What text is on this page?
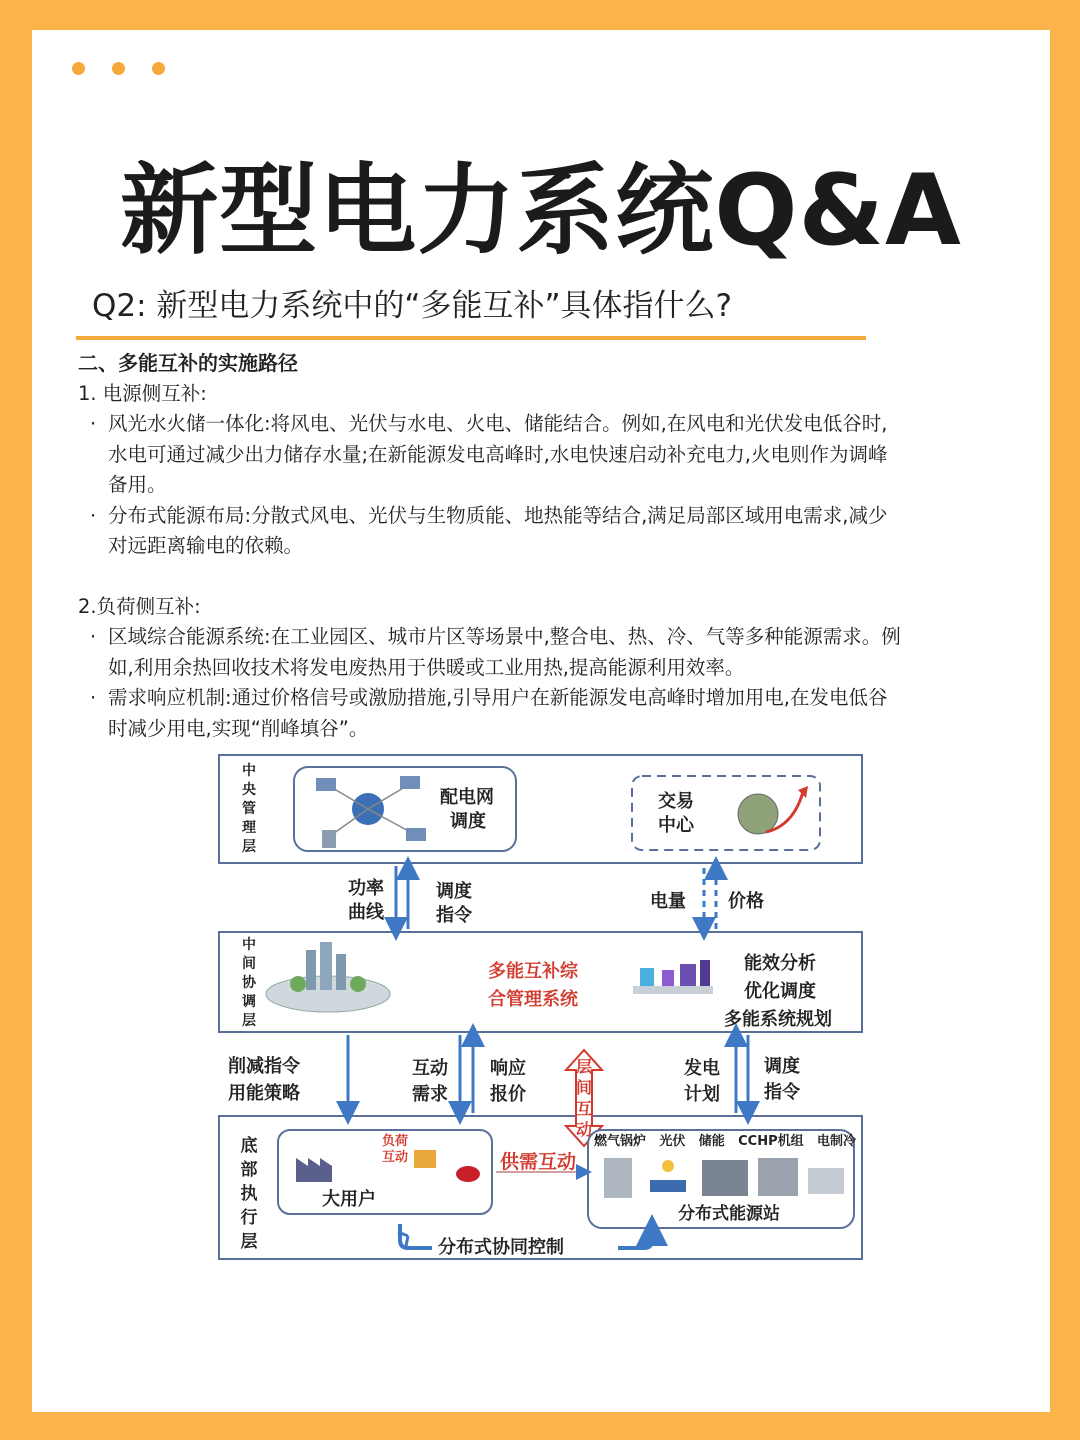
新型电力系统Q&A
Q2: 新型电力系统中的“多能互补”具体指什么?
二、多能互补的实施路径
1. 电源侧互补:
· 风光水火储一体化:将风电、光伏与水电、火电、储能结合。例如,在风电和光伏发电低谷时,
水电可通过减少出力储存水量;在新能源发电高峰时,水电快速启动补充电力,火电则作为调峰
备用。
· 分布式能源布局:分散式风电、光伏与生物质能、地热能等结合,满足局部区域用电需求,减少
对远距离输电的依赖。
2.负荷侧互补:
· 区域综合能源系统:在工业园区、城市片区等场景中,整合电、热、冷、气等多种能源需求。例
如,利用余热回收技术将发电废热用于供暖或工业用热,提高能源利用效率。
· 需求响应机制:通过价格信号或激励措施,引导用户在新能源发电高峰时增加用电,在发电低谷
时减少用电,实现“削峰填谷”。
中央管理层
中间协调层
底部执行层
配电网
调度
交易
中心
功率
曲线
调度
指令
电量 价格
多能互补综
合管理系统
能效分析
优化调度
多能系统规划
削减指令
用能策略
互动
需求
响应
报价
层间互动
发电
计划
调度
指令
负荷
互动
大用户
供需互动
燃气锅炉 光伏 储能 CCHP机组 电制冷
分布式能源站
分布式协同控制
